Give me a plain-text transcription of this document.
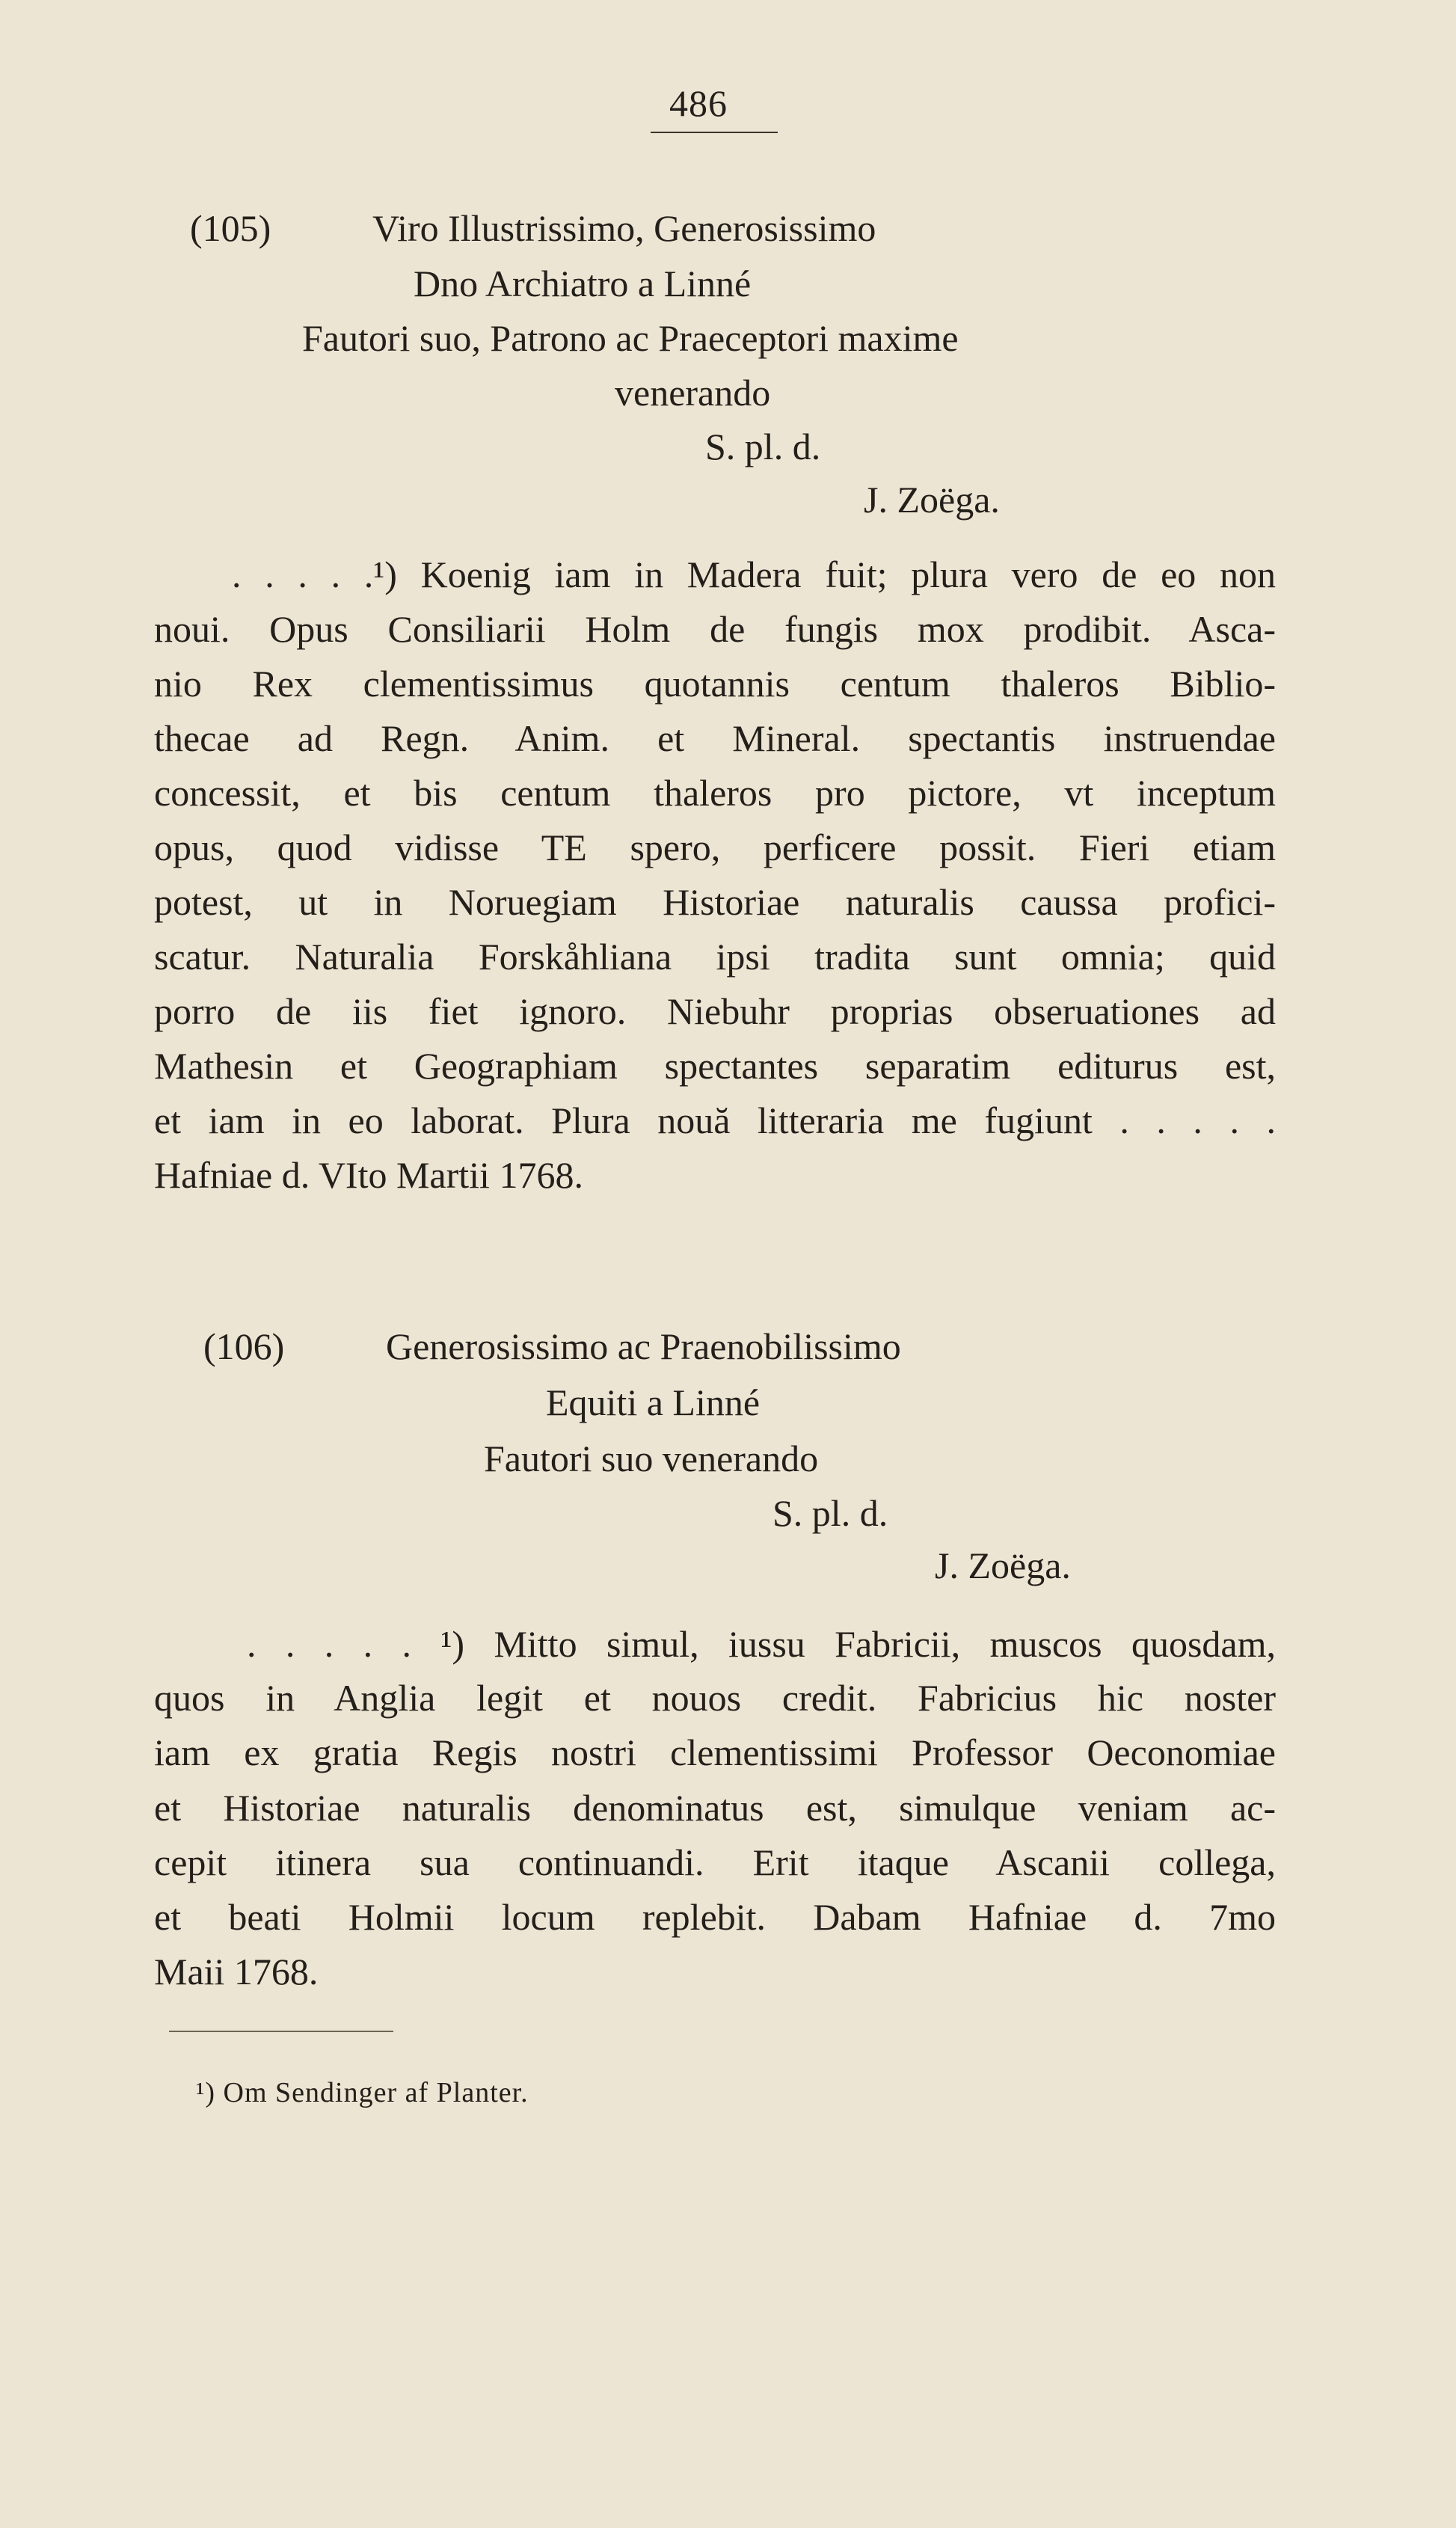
486
(105)	Viro Illustrissimo, Generosissimo
Dno Archiatro a Linné
Fautori suo, Patrono ac Praeceptori maxime
venerando
S. pl. d.
J. Zoëga.
. . . . .¹) Koenig iam in Madera fuit; plura vero de eo non
noui. Opus Consiliarii Holm de fungis mox prodibit. Asca-
nio Rex clementissimus quotannis centum thaleros Biblio-
thecae ad Regn. Anim. et Mineral. spectantis instruendae
concessit, et bis centum thaleros pro pictore, vt inceptum
opus, quod vidisse TE spero, perficere possit. Fieri etiam
potest, ut in Noruegiam Historiae naturalis caussa profici-
scatur. Naturalia Forskåhliana ipsi tradita sunt omnia; quid
porro de iis fiet ignoro. Niebuhr proprias obseruationes ad
Mathesin et Geographiam spectantes separatim editurus est,
et iam in eo laborat. Plura nouă litteraria me fugiunt . . . . .
Hafniae d. VIto Martii 1768.
(106)	Generosissimo ac Praenobilissimo
Equiti a Linné
Fautori suo venerando
S. pl. d.
J. Zoëga.
. . . . . ¹) Mitto simul, iussu Fabricii, muscos quosdam,
quos in Anglia legit et nouos credit. Fabricius hic noster
iam ex gratia Regis nostri clementissimi Professor Oeconomiae
et Historiae naturalis denominatus est, simulque veniam ac-
cepit itinera sua continuandi. Erit itaque Ascanii collega,
et beati Holmii locum replebit. Dabam Hafniae d. 7mo
Maii 1768.
¹) Om Sendinger af Planter.
